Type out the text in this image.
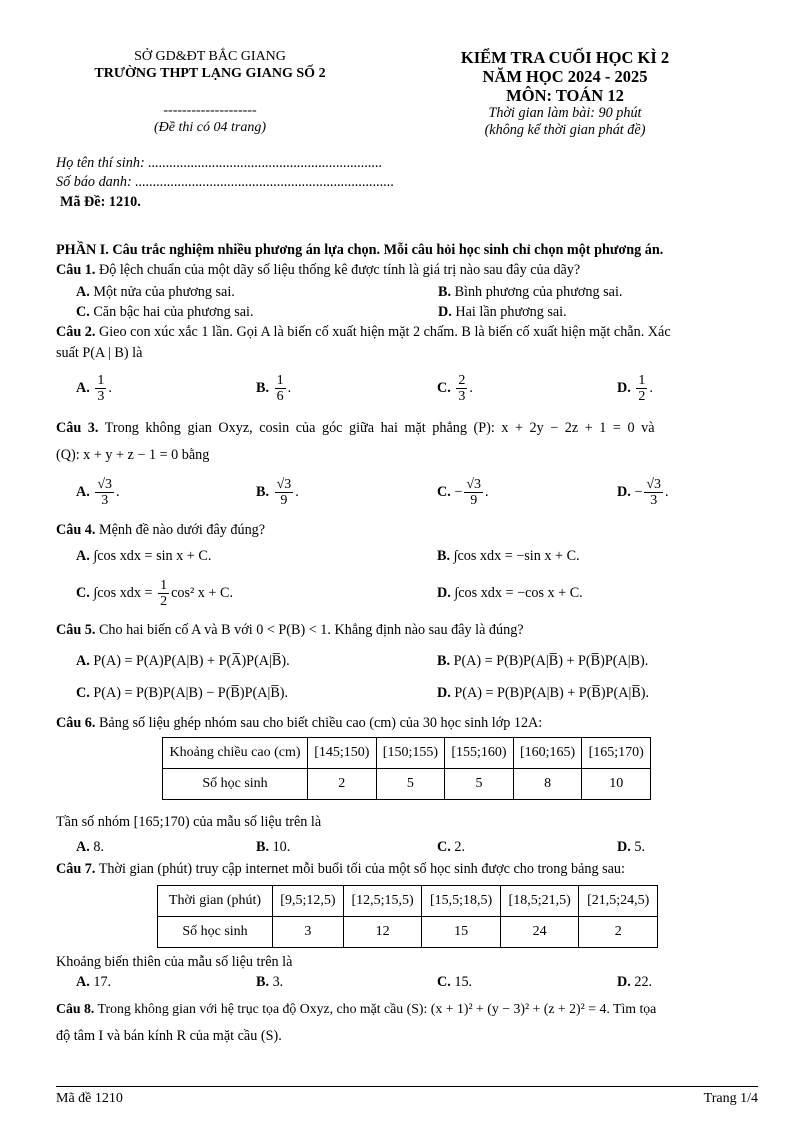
SỞ GD&ĐT BẮC GIANG
TRƯỜNG THPT LẠNG GIANG SỐ 2
--------------------
(Đề thi có 04 trang)
KIỂM TRA CUỐI HỌC KÌ 2
NĂM HỌC 2024 - 2025
MÔN: TOÁN 12
Thời gian làm bài: 90 phút
(không kể thời gian phát đề)
Họ tên thí sinh: ..................................................................
Số báo danh: .........................................................................
Mã Đề: 1210.
PHẦN I. Câu trắc nghiệm nhiều phương án lựa chọn. Mỗi câu hỏi học sinh chỉ chọn một phương án.
Câu 1. Độ lệch chuẩn của một dãy số liệu thống kê được tính là giá trị nào sau đây của dãy?
A. Một nửa của phương sai.	B. Bình phương của phương sai.
C. Căn bậc hai của phương sai.	D. Hai lần phương sai.
Câu 2. Gieo con xúc xắc 1 lần. Gọi A là biến cố xuất hiện mặt 2 chấm. B là biến cố xuất hiện mặt chẵn. Xác
suất P(A | B) là
A. $\frac{1}{3}$ .	B. $\frac{1}{6}$ .	C. $\frac{2}{3}$ .	D. $\frac{1}{2}$ .
Câu 3. Trong không gian Oxyz, cosin của góc giữa hai mặt phẳng (P): x + 2y − 2z + 1 = 0 và
(Q): x + y + z − 1 = 0 bằng
A. $\frac{√3}{3}$ .	B. $\frac{√3}{9}$ .	C. − $\frac{√3}{9}$ .	D. − $\frac{√3}{3}$ .
Câu 4. Mệnh đề nào dưới đây đúng?
A. ∫cos xdx = sin x + C.	B. ∫cos xdx = −sin x + C.
C. ∫cos xdx = $\frac{1}{2} \cos^2$ x + C.	D. ∫cos xdx = −cos x + C.
Câu 5. Cho hai biến cố A và B với 0 < P(B) < 1. Khẳng định nào sau đây là đúng?
A. P(A) = P(A)P(A|B) + P(A̅)P(A|B̅).	B. P(A) = P(B)P(A|B̅) + P(B̅)P(A|B).
C. P(A) = P(B)P(A|B) − P(B̅)P(A|B̅).	D. P(A) = P(B)P(A|B) + P(B̅)P(A|B̅).
Câu 6. Bảng số liệu ghép nhóm sau cho biết chiều cao (cm) của 30 học sinh lớp 12A:
Khoảng chiều cao (cm)	[145;150)	[150;155)	[155;160)	[160;165)	[165;170)
Số học sinh	2	5	5	8	10
Tần số nhóm [165;170) của mẫu số liệu trên là
A. 8.	B. 10.	C. 2.	D. 5.
Câu 7. Thời gian (phút) truy cập internet mỗi buổi tối của một số học sinh được cho trong bảng sau:
Thời gian (phút)	[9,5;12,5)	[12,5;15,5)	[15,5;18,5)	[18,5;21,5)	[21,5;24,5)
Số học sinh	3	12	15	24	2
Khoảng biến thiên của mẫu số liệu trên là
A. 17.	B. 3.	C. 15.	D. 22.
Câu 8. Trong không gian với hệ trục tọa độ Oxyz, cho mặt cầu (S): (x + 1)² + (y − 3)² + (z + 2)² = 4. Tìm tọa
độ tâm I và bán kính R của mặt cầu (S).
Mã đề 1210	Trang 1/4
